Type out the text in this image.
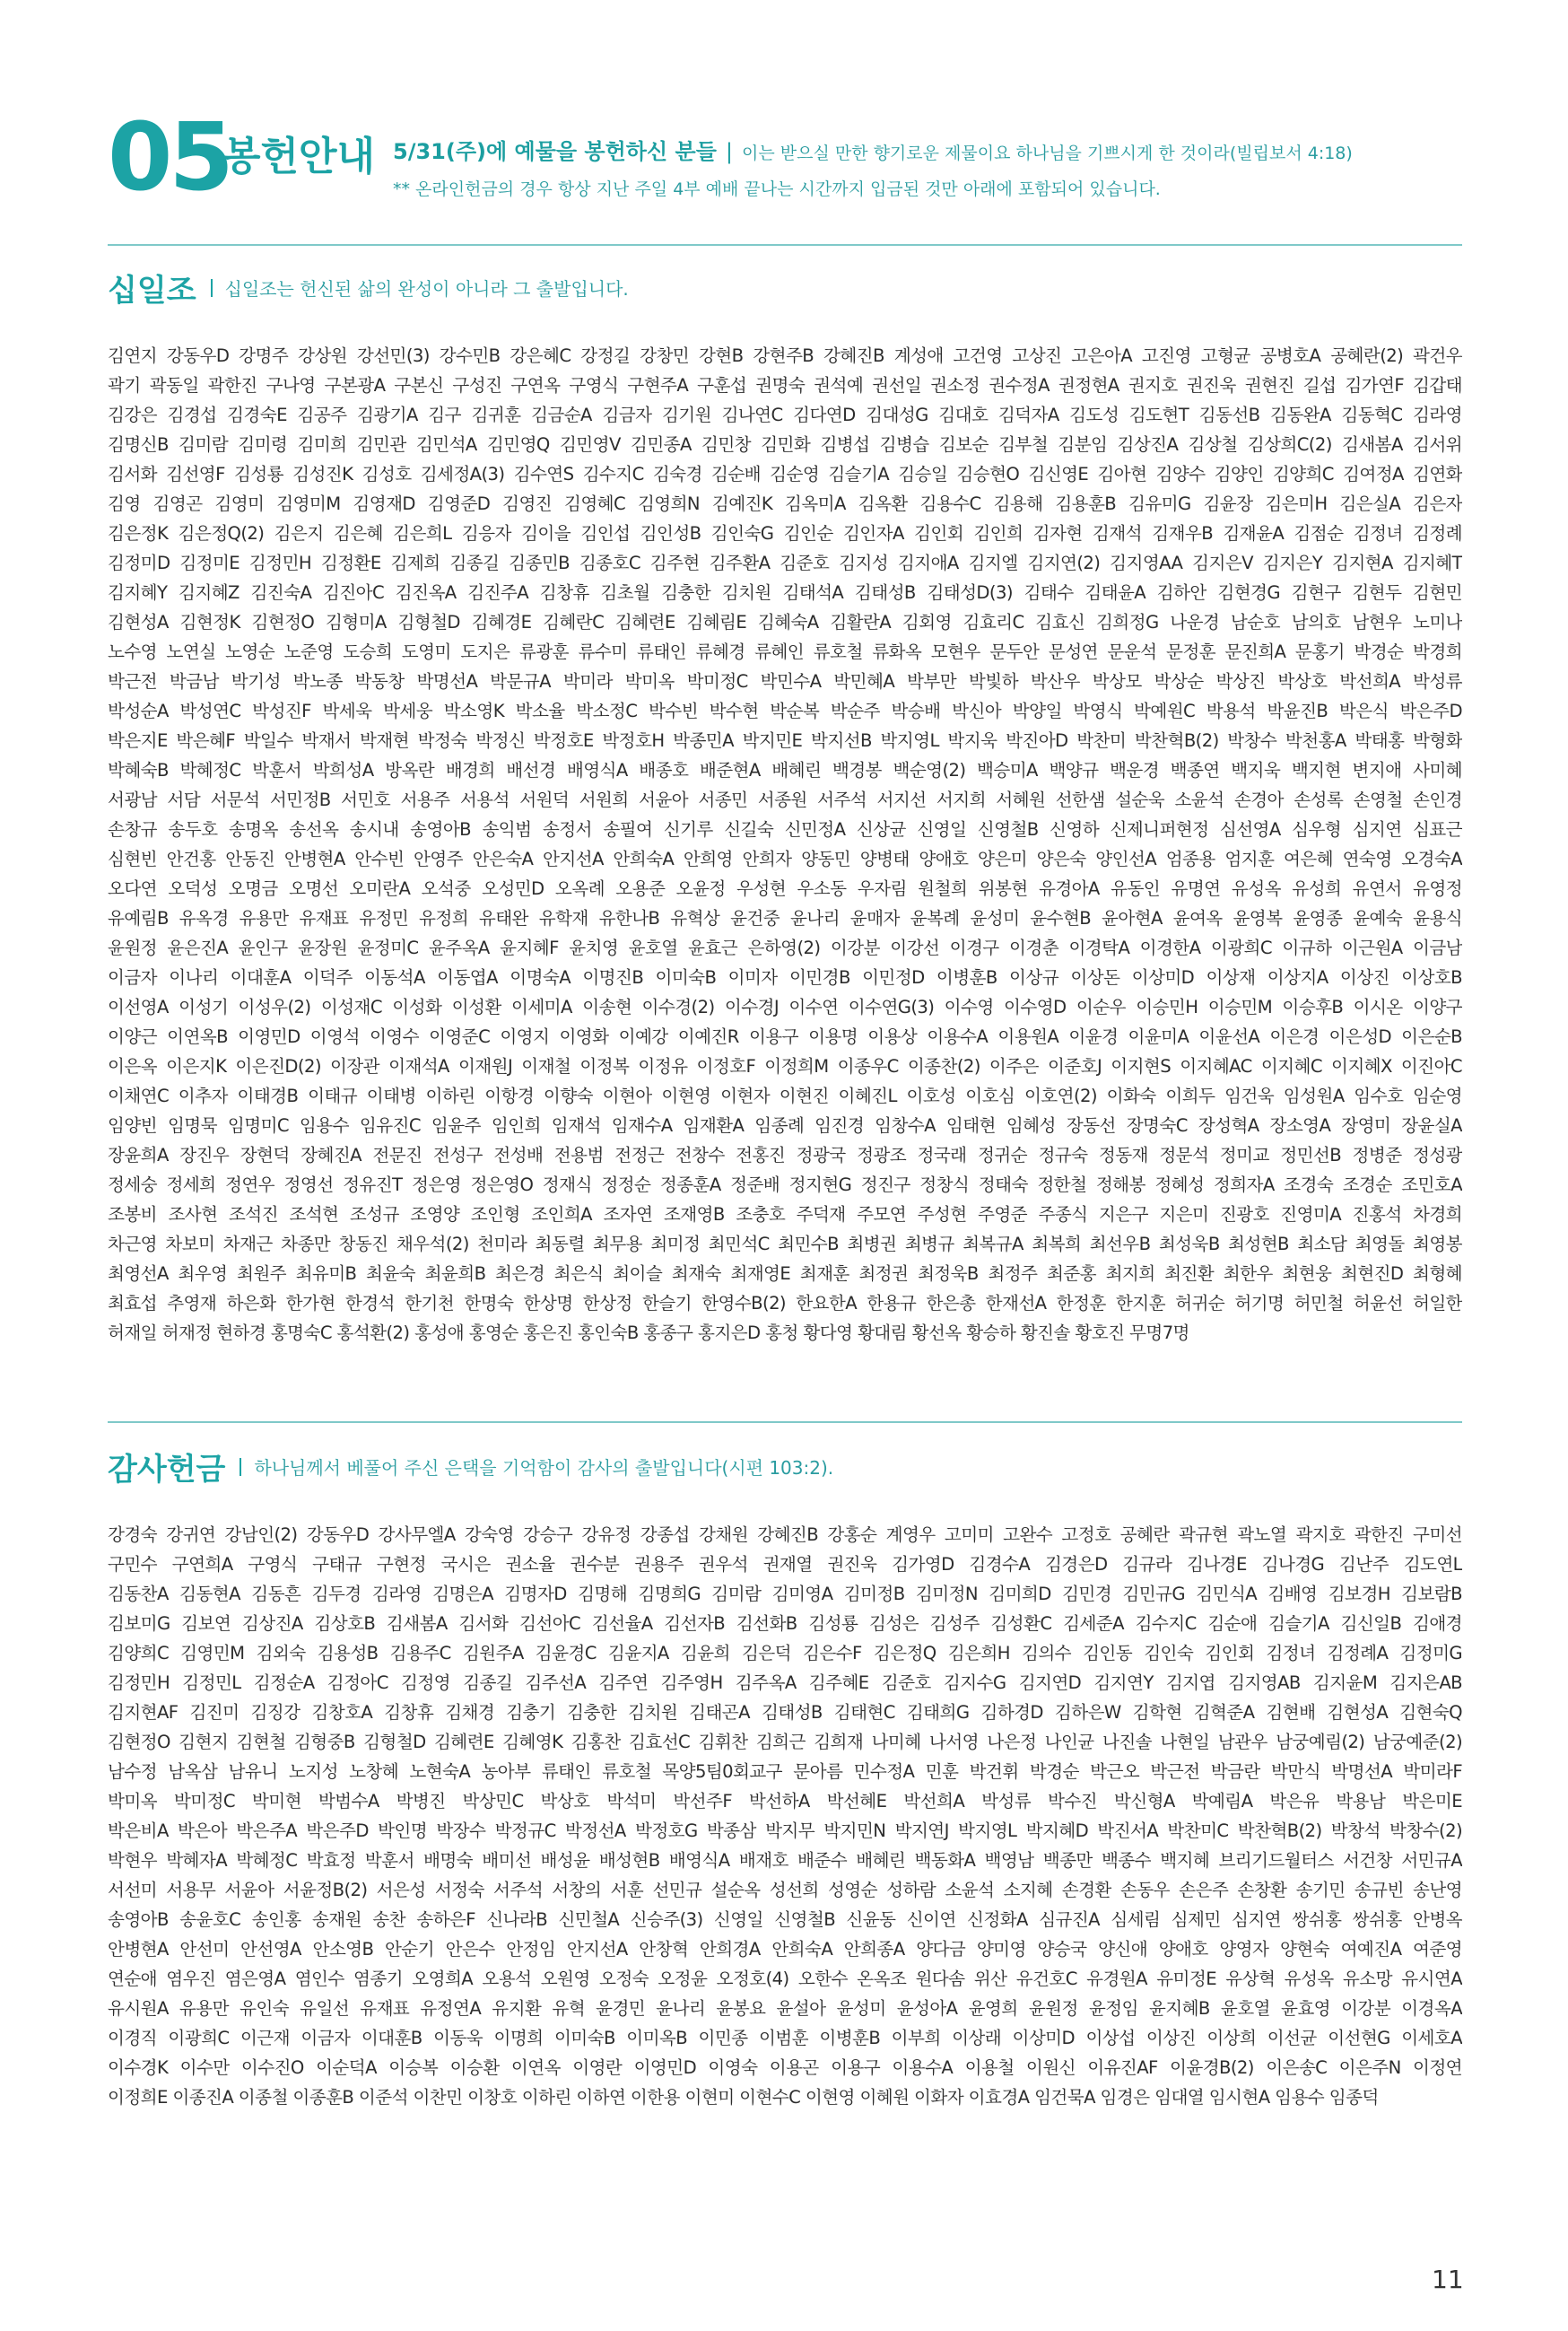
05
봉헌안내 5/31(주)에 예물을 봉헌하신 분들 | 이는 받으실 만한 향기로운 제물이요 하나님을 기쁘시게 한 것이라(빌립보서 4:18)
** 온라인헌금의 경우 항상 지난 주일 4부 예배 끝나는 시간까지 입금된 것만 아래에 포함되어 있습니다.
십일조 십일조는 헌신된 삶의 완성이 아니라 그 출발입니다.
김연지 강동우D 강명주 강상원 강선민(3) 강수민B 강은혜C 강정길 강창민 강현B 강현주B 강혜진B 계성애 고건영 고상진 고은아A 고진영 고형균 공병호A 공혜란(2) 곽건우
곽기 곽동일 곽한진 구나영 구본광A 구본신 구성진 구연옥 구영식 구현주A 구훈섭 권명숙 권석예 권선일 권소정 권수정A 권정현A 권지호 권진욱 권현진 길섭 김가연F 김갑태
김강은 김경섭 김경숙E 김공주 김광기A 김구 김귀훈 김금순A 김금자 김기원 김나연C 김다연D 김대성G 김대호 김덕자A 김도성 김도현T 김동선B 김동완A 김동혁C 김라영
김명신B 김미람 김미령 김미희 김민관 김민석A 김민영Q 김민영V 김민종A 김민창 김민화 김병섭 김병습 김보순 김부철 김분임 김상진A 김상철 김상희C(2) 김새봄A 김서위
김서화 김선영F 김성룡 김성진K 김성호 김세정A(3) 김수연S 김수지C 김숙경 김순배 김순영 김슬기A 김승일 김승현O 김신영E 김아현 김양수 김양인 김양희C 김여정A 김연화
김영 김영곤 김영미 김영미M 김영재D 김영준D 김영진 김영혜C 김영희N 김예진K 김옥미A 김옥환 김용수C 김용해 김용훈B 김유미G 김윤장 김은미H 김은실A 김은자
김은정K 김은정Q(2) 김은지 김은혜 김은희L 김응자 김이을 김인섭 김인성B 김인숙G 김인순 김인자A 김인회 김인희 김자현 김재석 김재우B 김재윤A 김점순 김정녀 김정례
김정미D 김정미E 김정민H 김정환E 김제희 김종길 김종민B 김종호C 김주현 김주환A 김준호 김지성 김지애A 김지엘 김지연(2) 김지영AA 김지은V 김지은Y 김지현A 김지혜T
김지혜Y 김지혜Z 김진숙A 김진아C 김진옥A 김진주A 김창휴 김초월 김충한 김치원 김태석A 김태성B 김태성D(3) 김태수 김태윤A 김하안 김현경G 김현구 김현두 김현민
김현성A 김현정K 김현정O 김형미A 김형철D 김혜경E 김혜란C 김혜련E 김혜림E 김혜숙A 김활란A 김회영 김효리C 김효신 김희정G 나운경 남순호 남의호 남현우 노미나
노수영 노연실 노영순 노준영 도승희 도영미 도지은 류광훈 류수미 류태인 류혜경 류혜인 류호철 류화옥 모현우 문두안 문성연 문운석 문정훈 문진희A 문홍기 박경순 박경희
박근전 박금남 박기성 박노종 박동창 박명선A 박문규A 박미라 박미옥 박미정C 박민수A 박민혜A 박부만 박빛하 박산우 박상모 박상순 박상진 박상호 박선희A 박성류
박성순A 박성연C 박성진F 박세욱 박세웅 박소영K 박소율 박소정C 박수빈 박수현 박순복 박순주 박승배 박신아 박양일 박영식 박예원C 박용석 박윤진B 박은식 박은주D
박은지E 박은혜F 박일수 박재서 박재현 박정숙 박정신 박정호E 박정호H 박종민A 박지민E 박지선B 박지영L 박지욱 박진아D 박찬미 박찬혁B(2) 박창수 박천홍A 박태홍 박형화
박혜숙B 박혜정C 박훈서 박희성A 방옥란 배경희 배선경 배영식A 배종호 배준현A 배혜린 백경봉 백순영(2) 백승미A 백양규 백운경 백종연 백지욱 백지현 변지애 사미혜
서광남 서담 서문석 서민정B 서민호 서용주 서용석 서원덕 서원희 서윤아 서종민 서종원 서주석 서지선 서지희 서혜원 선한샘 설순욱 소윤석 손경아 손성록 손영철 손인경
손창규 송두호 송명옥 송선옥 송시내 송영아B 송익범 송정서 송필여 신기루 신길숙 신민정A 신상균 신영일 신영철B 신영하 신제니퍼현정 심선영A 심우형 심지연 심표근
심현빈 안건홍 안동진 안병현A 안수빈 안영주 안은숙A 안지선A 안희숙A 안희영 안희자 양동민 양병태 양애호 양은미 양은숙 양인선A 엄종용 엄지훈 여은혜 연숙영 오경숙A
오다연 오덕성 오명금 오명선 오미란A 오석중 오성민D 오옥례 오용준 오윤정 우성현 우소동 우자림 원철희 위봉현 유경아A 유동인 유명연 유성옥 유성희 유연서 유영정
유예림B 유옥경 유용만 유재표 유정민 유정희 유태완 유학재 유한나B 유혁상 윤건중 윤나리 윤매자 윤복례 윤성미 윤수현B 윤아현A 윤여옥 윤영복 윤영종 윤예숙 윤용식
윤원정 윤은진A 윤인구 윤장원 윤정미C 윤주옥A 윤지혜F 윤치영 윤호열 윤효근 은하영(2) 이강분 이강선 이경구 이경춘 이경탁A 이경한A 이광희C 이규하 이근원A 이금남
이금자 이나리 이대훈A 이덕주 이동석A 이동엽A 이명숙A 이명진B 이미숙B 이미자 이민경B 이민정D 이병훈B 이상규 이상돈 이상미D 이상재 이상지A 이상진 이상호B
이선영A 이성기 이성우(2) 이성재C 이성화 이성환 이세미A 이송현 이수경(2) 이수경J 이수연 이수연G(3) 이수영 이수영D 이순우 이승민H 이승민M 이승후B 이시온 이양구
이양근 이연옥B 이영민D 이영석 이영수 이영준C 이영지 이영화 이예강 이예진R 이용구 이용명 이용상 이용수A 이용원A 이윤경 이윤미A 이윤선A 이은경 이은성D 이은순B
이은옥 이은지K 이은진D(2) 이장관 이재석A 이재원J 이재철 이정복 이정유 이정호F 이정희M 이종우C 이종찬(2) 이주은 이준호J 이지현S 이지혜AC 이지혜C 이지혜X 이진아C
이채연C 이추자 이태경B 이태규 이태병 이하린 이항경 이향숙 이현아 이현영 이현자 이현진 이혜진L 이호성 이호심 이호연(2) 이화숙 이희두 임건욱 임성원A 임수호 임순영
임양빈 임명묵 임명미C 임용수 임유진C 임윤주 임인희 임재석 임재수A 임재환A 임종례 임진경 임창수A 임태현 임혜성 장동선 장명숙C 장성혁A 장소영A 장영미 장윤실A
장윤희A 장진우 장현덕 장혜진A 전문진 전성구 전성배 전용범 전정근 전창수 전홍진 정광국 정광조 정국래 정귀순 정규숙 정동재 정문석 정미교 정민선B 정병준 정성광
정세숭 정세희 정연우 정영선 정유진T 정은영 정은영O 정재식 정정순 정종훈A 정준배 정지현G 정진구 정창식 정태숙 정한철 정해봉 정혜성 정희자A 조경숙 조경순 조민호A
조봉비 조사현 조석진 조석현 조성규 조영양 조인형 조인희A 조자연 조재영B 조충호 주덕재 주모연 주성현 주영준 주종식 지은구 지은미 진광호 진영미A 진홍석 차경희
차근영 차보미 차재근 차종만 창동진 채우석(2) 천미라 최동렬 최무용 최미정 최민석C 최민수B 최병권 최병규 최복규A 최복희 최선우B 최성욱B 최성현B 최소담 최영돌 최영봉
최영선A 최우영 최원주 최유미B 최윤숙 최윤희B 최은경 최은식 최이슬 최재숙 최재영E 최재훈 최정권 최정욱B 최정주 최준홍 최지희 최진환 최한우 최현웅 최현진D 최형혜
최효섭 추영재 하은화 한가현 한경석 한기천 한명숙 한상명 한상정 한슬기 한영수B(2) 한요한A 한용규 한은총 한재선A 한정훈 한지훈 허귀순 허기명 허민철 허윤선 허일한
허재일 허재정 현하경 홍명숙C 홍석환(2) 홍성애 홍영순 홍은진 홍인숙B 홍종구 홍지은D 홍청 황다영 황대림 황선옥 황승하 황진솔 황호진 무명7명
감사헌금 하나님께서 베풀어 주신 은택을 기억함이 감사의 출발입니다(시편 103:2).
강경숙 강귀연 강남인(2) 강동우D 강사무엘A 강숙영 강승구 강유정 강종섭 강채원 강혜진B 강홍순 계영우 고미미 고완수 고정호 공혜란 곽규현 곽노열 곽지호 곽한진 구미선
구민수 구연희A 구영식 구태규 구현정 국시은 권소율 권수분 권용주 권우석 권재열 권진욱 김가영D 김경수A 김경은D 김규라 김나경E 김나경G 김난주 김도연L
김동찬A 김동현A 김동흔 김두경 김라영 김명은A 김명자D 김명해 김명희G 김미람 김미영A 김미정B 김미정N 김미희D 김민경 김민규G 김민식A 김배영 김보경H 김보람B
김보미G 김보연 김상진A 김상호B 김새봄A 김서화 김선아C 김선율A 김선자B 김선화B 김성룡 김성은 김성주 김성환C 김세준A 김수지C 김순애 김슬기A 김신일B 김애경
김양희C 김영민M 김외숙 김용성B 김용주C 김원주A 김윤경C 김윤지A 김윤희 김은덕 김은수F 김은정Q 김은희H 김의수 김인동 김인숙 김인회 김정녀 김정례A 김정미G
김정민H 김정민L 김정순A 김정아C 김정영 김종길 김주선A 김주연 김주영H 김주옥A 김주혜E 김준호 김지수G 김지연D 김지연Y 김지엽 김지영AB 김지윤M 김지은AB
김지현AF 김진미 김징강 김창호A 김창휴 김채경 김충기 김충한 김치원 김태곤A 김태성B 김태현C 김태희G 김하경D 김하은W 김학현 김혁준A 김현배 김현성A 김현숙Q
김현정O 김현지 김현철 김형중B 김형철D 김혜련E 김혜영K 김홍찬 김효선C 김휘찬 김희근 김희재 나미혜 나서영 나은정 나인균 나진솔 나현일 남관우 남궁예림(2) 남궁예준(2)
남수정 남옥삼 남유니 노지성 노창혜 노현숙A 농아부 류태인 류호철 목양5팀0회교구 문아름 민수정A 민훈 박건휘 박경순 박근오 박근전 박금란 박만식 박명선A 박미라F
박미옥 박미정C 박미현 박범수A 박병진 박상민C 박상호 박석미 박선주F 박선하A 박선혜E 박선희A 박성류 박수진 박신형A 박예림A 박은유 박용남 박은미E
박은비A 박은아 박은주A 박은주D 박인명 박장수 박정규C 박정선A 박정호G 박종삼 박지무 박지민N 박지연J 박지영L 박지혜D 박진서A 박찬미C 박찬혁B(2) 박창석 박창수(2)
박현우 박혜자A 박혜정C 박효정 박훈서 배명숙 배미선 배성윤 배성현B 배영식A 배재호 배준수 배혜린 백동화A 백영남 백종만 백종수 백지혜 브리기드월터스 서건창 서민규A
서선미 서용무 서윤아 서윤정B(2) 서은성 서정숙 서주석 서창의 서훈 선민규 설순옥 성선희 성영순 성하람 소윤석 소지혜 손경환 손동우 손은주 손창환 송기민 송규빈 송난영
송영아B 송윤호C 송인홍 송재원 송찬 송하은F 신나라B 신민철A 신승주(3) 신영일 신영철B 신윤동 신이연 신정화A 심규진A 심세림 심제민 심지연 쌍쉬홍 쌍쉬홍 안병옥
안병현A 안선미 안선영A 안소영B 안순기 안은수 안정임 안지선A 안창혁 안희경A 안희숙A 안희종A 양다금 양미영 양승국 양신애 양애호 양영자 양현숙 여예진A 여준영
연순애 염우진 염은영A 염인수 염종기 오영희A 오용석 오원영 오정숙 오정윤 오정호(4) 오한수 온옥조 원다솜 위산 유건호C 유경원A 유미정E 유상혁 유성옥 유소망 유시연A
유시원A 유용만 유인숙 유일선 유재표 유정연A 유지환 유혁 윤경민 윤나리 윤봉요 윤설아 윤성미 윤성아A 윤영희 윤원정 윤정임 윤지혜B 윤호열 윤효영 이강분 이경옥A
이경직 이광희C 이근재 이금자 이대훈B 이동욱 이명희 이미숙B 이미옥B 이민종 이범훈 이병훈B 이부희 이상래 이상미D 이상섭 이상진 이상희 이선균 이선현G 이세호A
이수경K 이수만 이수진O 이순덕A 이승복 이승환 이연옥 이영란 이영민D 이영숙 이용곤 이용구 이용수A 이용철 이원신 이유진AF 이윤경B(2) 이은송C 이은주N 이정연
이정희E 이종진A 이종철 이종훈B 이준석 이찬민 이창호 이하린 이하연 이한용 이현미 이현수C 이현영 이혜원 이화자 이효경A 임건묵A 임경은 임대열 임시현A 임용수 임종덕
11
